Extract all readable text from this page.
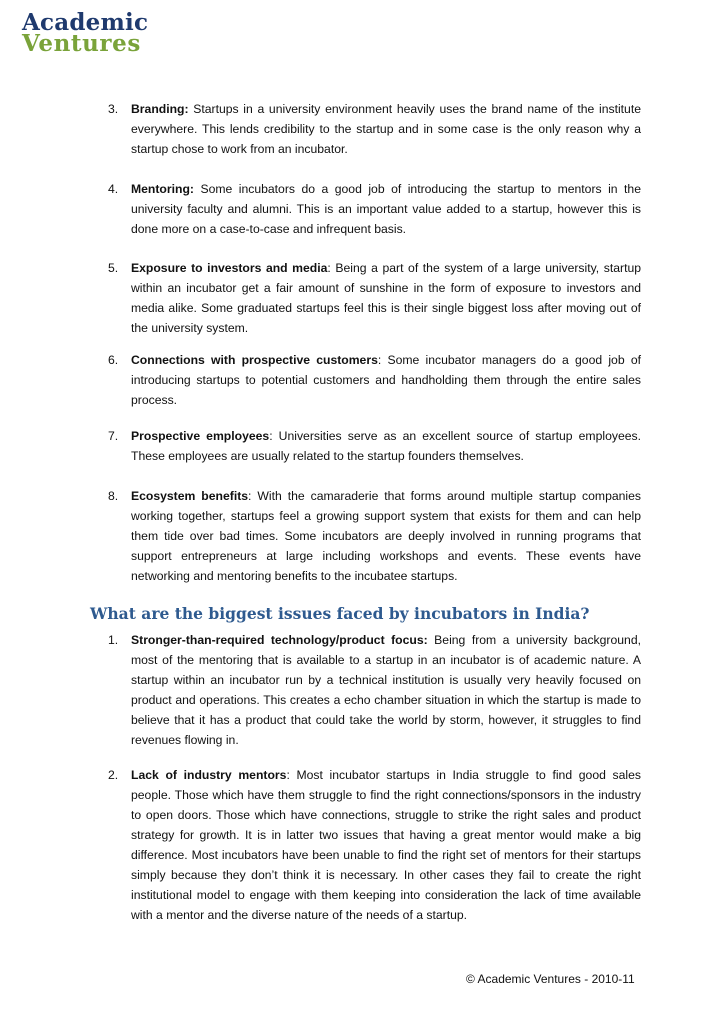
Academic
Ventures
3. Branding: Startups in a university environment heavily uses the brand name of the institute everywhere. This lends credibility to the startup and in some case is the only reason why a startup chose to work from an incubator.
4. Mentoring: Some incubators do a good job of introducing the startup to mentors in the university faculty and alumni. This is an important value added to a startup, however this is done more on a case-to-case and infrequent basis.
5. Exposure to investors and media: Being a part of the system of a large university, startup within an incubator get a fair amount of sunshine in the form of exposure to investors and media alike. Some graduated startups feel this is their single biggest loss after moving out of the university system.
6. Connections with prospective customers: Some incubator managers do a good job of introducing startups to potential customers and handholding them through the entire sales process.
7. Prospective employees: Universities serve as an excellent source of startup employees. These employees are usually related to the startup founders themselves.
8. Ecosystem benefits: With the camaraderie that forms around multiple startup companies working together, startups feel a growing support system that exists for them and can help them tide over bad times. Some incubators are deeply involved in running programs that support entrepreneurs at large including workshops and events. These events have networking and mentoring benefits to the incubatee startups.
What are the biggest issues faced by incubators in India?
1. Stronger-than-required technology/product focus: Being from a university background, most of the mentoring that is available to a startup in an incubator is of academic nature. A startup within an incubator run by a technical institution is usually very heavily focused on product and operations. This creates a echo chamber situation in which the startup is made to believe that it has a product that could take the world by storm, however, it struggles to find revenues flowing in.
2. Lack of industry mentors: Most incubator startups in India struggle to find good sales people. Those which have them struggle to find the right connections/sponsors in the industry to open doors. Those which have connections, struggle to strike the right sales and product strategy for growth. It is in latter two issues that having a great mentor would make a big difference. Most incubators have been unable to find the right set of mentors for their startups simply because they don’t think it is necessary. In other cases they fail to create the right institutional model to engage with them keeping into consideration the lack of time available with a mentor and the diverse nature of the needs of a startup.
© Academic Ventures - 2010-11
